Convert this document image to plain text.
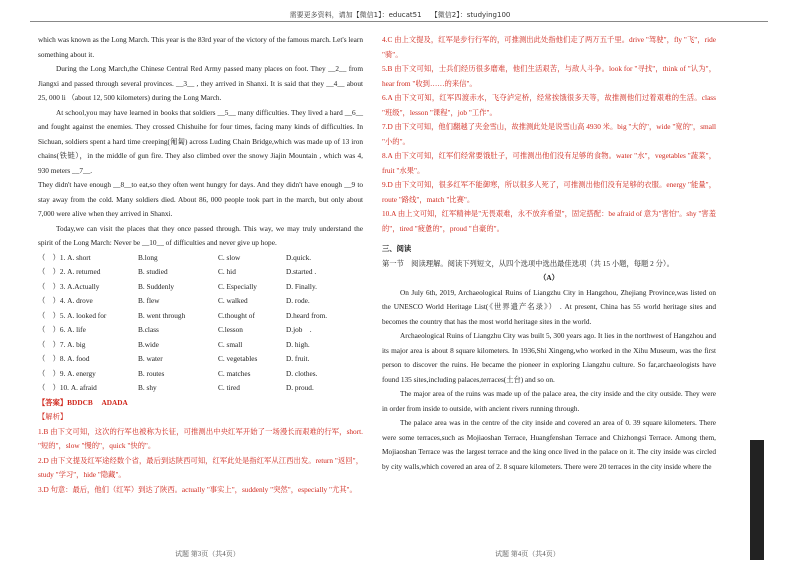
需要更多资料，请加【微信1】：educat51　 【微信2】：studying100

which was known as the Long March. This year is the 83rd year of the victory of the famous march. Let's learn something about it.

During the Long March,the Chinese Central Red Army passed many places on foot. They __2__ from Jiangxi and passed through several provinces. __3__ , they arrived in Shanxi. It is said that they __4__ about 25, 000 li （about 12, 500 kilometers) during the Long March.

At school,you may have learned in books that soldiers __5__ many difficulties. They lived a hard __6__ and fought against the enemies. They crossed Chishuihe for four times, facing many kinds of difficulties. In Sichuan, soldiers spent a hard time creeping(匍匐) across Luding Chain Bridge,which was made up of 13 iron chains(铁链），in the middle of gun fire. They also climbed over the snowy Jiajin Mountain , which was 4, 930 meters __7__.

They didn't have enough __8__to eat,so they often went hungry for days. And they didn't have enough __9 to stay away from the cold. Many soldiers died. About 86, 000 people took part in the march, but only about 7,000 were alive when they arrived in Shanxi.

Today,we can visit the places that they once passed through. This way, we may truly understand the spirit of the Long March: Never be __10__ of difficulties and never give up hope.

（　）1. A. short	B.long	C. slow	D.quick.
（　）2. A. returned	B. studied	C. hid	D.started .
（　）3. A.Actually	B. Suddenly	C. Especially	D. Finally.
（　）4. A. drove	B. flew	C. walked	D. rode.
（　）5. A. looked for	B. went through	C.thought of	D.heard from.
（　）6. A. life	B.class	C.lesson	D.job　.
（　）7. A. big	B.wide	C. small	D. high.
（　）8. A. food	B. water	C. vegetables	D. fruit.
（　）9. A. energy	B. routes	C. matches	D. clothes.
（　）10. A. afraid	B. shy	C. tired	D. proud.

【答案】BDDCB　 ADADA

【解析】

1.B 由下文可知，这次的行军也被称为长征，可推测出中央红军开始了一场漫长而艰难的行军，short. "短的"，slow "慢的"，quick "快的"。

2.D 由下文提及红军途经数个省，最后到达陕西可知，红军此处是指红军从江西出发。return "返回"，study "学习"，hide "隐藏"。

3.D 句意：最后，他们（红军）到达了陕西。actually "事实上"，suddenly "突然"，especially "尤其"。

4.C 由上文提及，红军是步行行军的，可推测出此处指他们走了两万五千里。drive "驾驶"，fly "飞"，ride "骑"。

5.B 由下文可知，士兵们经历很多磨难，他们生活艰苦，与敌人斗争。look for "寻找"，think of "认为"，hear from "收到……的来信"。

6.A 由下文可知，红军四渡赤水，飞夺泸定桥，经常挨饿很多天等，故推测他们过着艰难的生活。class "班级"，lesson "课程"，job "工作"。

7.D 由下文可知，他们翻越了夹金雪山，故推测此处是说雪山高 4930 米。big "大的"，wide "宽的"，small "小的"。

8.A 由下文可知，红军们经常要饿肚子，可推测出他们没有足够的食物。water "水"，vegetables "蔬菜"，fruit "水果"。

9.D 由下文可知，很多红军不能御寒，所以很多人死了，可推测出他们没有足够的衣服。energy "能量"，route "路线"，match "比赛"。

10.A 由上文可知，红军精神是"无畏艰难，永不放弃希望"，固定搭配：be afraid of 意为"害怕"。shy "害羞的"，tired "疲惫的"，proud "自豪的"。

三、阅读

第一节　阅读理解。阅读下列短文，从四个选项中选出最佳选项（共 15 小题，每题 2 分）。

（A）

On July 6th, 2019, Archaeological Ruins of Liangzhu City in Hangzhou, Zhejiang Province,was listed on the UNESCO World Heritage List(《世界遗产名录》） . At present, China has 55 world heritage sites and becomes the country that has the most world heritage sites in the world.

Archaeological Ruins of Liangzhu City was built 5, 300 years ago. It lies in the northwest of Hangzhou and its major area is about 8 square kilometers. In 1936,Shi Xingeng,who worked in the Xihu Museum, was the first person to discover the ruins. He became the pioneer in exploring Liangzhu culture. So far,archaeologists have found 135 sites,including palaces,terraces(土台) and so on.

The major area of the ruins was made up of the palace area, the city inside and the city outside. They were in order from inside to outside, with ancient rivers running through.

The palace area was in the centre of the city inside and covered an area of 0. 39 square kilometers. There were some terraces,such as Mojiaoshan Terrace, Huangfenshan Terrace and Chizhongsi Terrace. Among them, Mojiaoshan Terrace was the largest terrace and the king once lived in the palace on it. The city inside was circled by city walls,which covered an area of 2. 8 square kilometers. There were 20 terraces in the city inside where the

试题 第3页（共4页）	试题 第4页（共4页）
